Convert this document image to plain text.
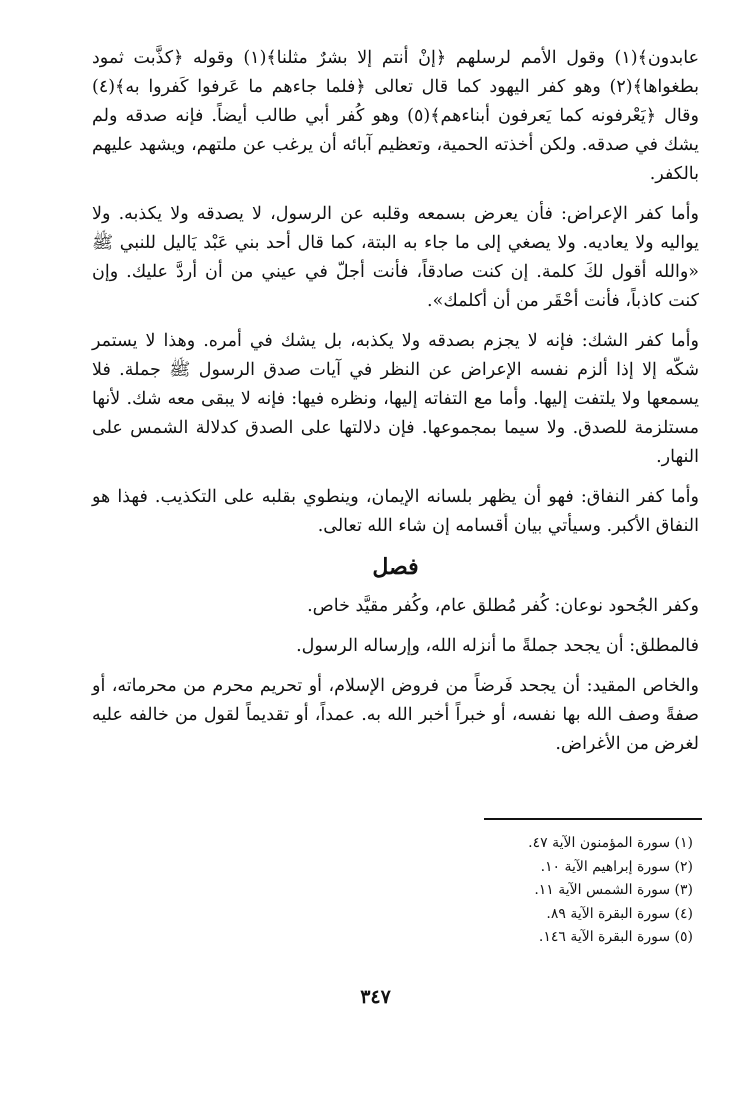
عابدون﴾(١) وقول الأمم لرسلهم ﴿إنْ أنتم إلا بشرٌ مثلنا﴾(١) وقوله ﴿كذَّبت ثمود بطغواها﴾(٢) وهو كفر اليهود كما قال تعالى ﴿فلما جاءهم ما عَرفوا كَفروا به﴾(٤) وقال ﴿يَعْرفونه كما يَعرفون أبناءهم﴾(٥) وهو كُفر أبي طالب أيضاً. فإنه صدقه ولم يشك في صدقه. ولكن أخذته الحمية، وتعظيم آبائه أن يرغب عن ملتهم، ويشهد عليهم بالكفر.

وأما كفر الإعراض: فأن يعرض بسمعه وقلبه عن الرسول، لا يصدقه ولا يكذبه. ولا يواليه ولا يعاديه. ولا يصغي إلى ما جاء به البتة، كما قال أحد بني عَبْد يَاليل للنبي ﷺ «والله أقول لكَ كلمة. إن كنت صادقاً، فأنت أجلّ في عيني من أن أردَّ عليك. وإن كنت كاذباً، فأنت أحْقَر من أن أكلمك».

وأما كفر الشك: فإنه لا يجزم بصدقه ولا يكذبه، بل يشك في أمره. وهذا لا يستمر شكّه إلا إذا ألزم نفسه الإعراض عن النظر في آيات صدق الرسول ﷺ جملة. فلا يسمعها ولا يلتفت إليها. وأما مع التفاته إليها، ونظره فيها: فإنه لا يبقى معه شك. لأنها مستلزمة للصدق. ولا سيما بمجموعها. فإن دلالتها على الصدق كدلالة الشمس على النهار.

وأما كفر النفاق: فهو أن يظهر بلسانه الإيمان، وينطوي بقلبه على التكذيب. فهذا هو النفاق الأكبر. وسيأتي بيان أقسامه إن شاء الله تعالى.

فصل

وكفر الجُحود نوعان: كُفر مُطلق عام، وكُفر مقيَّد خاص.

فالمطلق: أن يجحد جملةً ما أنزله الله، وإرساله الرسول.

والخاص المقيد: أن يجحد فَرضاً من فروض الإسلام، أو تحريم محرم من محرماته، أو صفةً وصف الله بها نفسه، أو خبراً أخبر الله به. عمداً، أو تقديماً لقول من خالفه عليه لغرض من الأغراض.

(١) سورة المؤمنون الآية ٤٧.
(٢) سورة إبراهيم الآية ١٠.
(٣) سورة الشمس الآية ١١.
(٤) سورة البقرة الآية ٨٩.
(٥) سورة البقرة الآية ١٤٦.
٣٤٧
